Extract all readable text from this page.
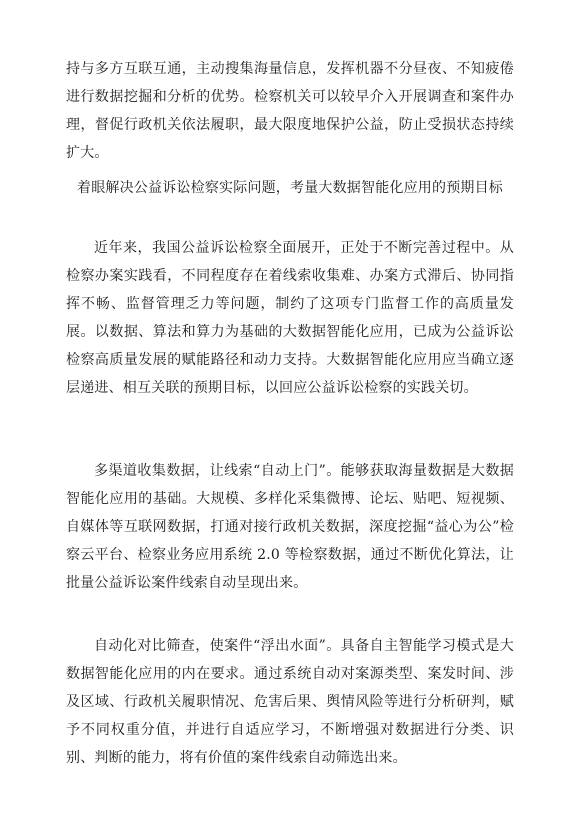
持与多方互联互通，主动搜集海量信息，发挥机器不分昼夜、不知疲倦进行数据挖掘和分析的优势。检察机关可以较早介入开展调查和案件办理，督促行政机关依法履职，最大限度地保护公益，防止受损状态持续扩大。

着眼解决公益诉讼检察实际问题，考量大数据智能化应用的预期目标

近年来，我国公益诉讼检察全面展开，正处于不断完善过程中。从检察办案实践看，不同程度存在着线索收集难、办案方式滞后、协同指挥不畅、监督管理乏力等问题，制约了这项专门监督工作的高质量发展。以数据、算法和算力为基础的大数据智能化应用，已成为公益诉讼检察高质量发展的赋能路径和动力支持。大数据智能化应用应当确立逐层递进、相互关联的预期目标，以回应公益诉讼检察的实践关切。

多渠道收集数据，让线索“自动上门”。能够获取海量数据是大数据智能化应用的基础。大规模、多样化采集微博、论坛、贴吧、短视频、自媒体等互联网数据，打通对接行政机关数据，深度挖掘“益心为公”检察云平台、检察业务应用系统 2.0 等检察数据，通过不断优化算法，让批量公益诉讼案件线索自动呈现出来。

自动化对比筛查，使案件“浮出水面”。具备自主智能学习模式是大数据智能化应用的内在要求。通过系统自动对案源类型、案发时间、涉及区域、行政机关履职情况、危害后果、舆情风险等进行分析研判，赋予不同权重分值，并进行自适应学习，不断增强对数据进行分类、识别、判断的能力，将有价值的案件线索自动筛选出来。
